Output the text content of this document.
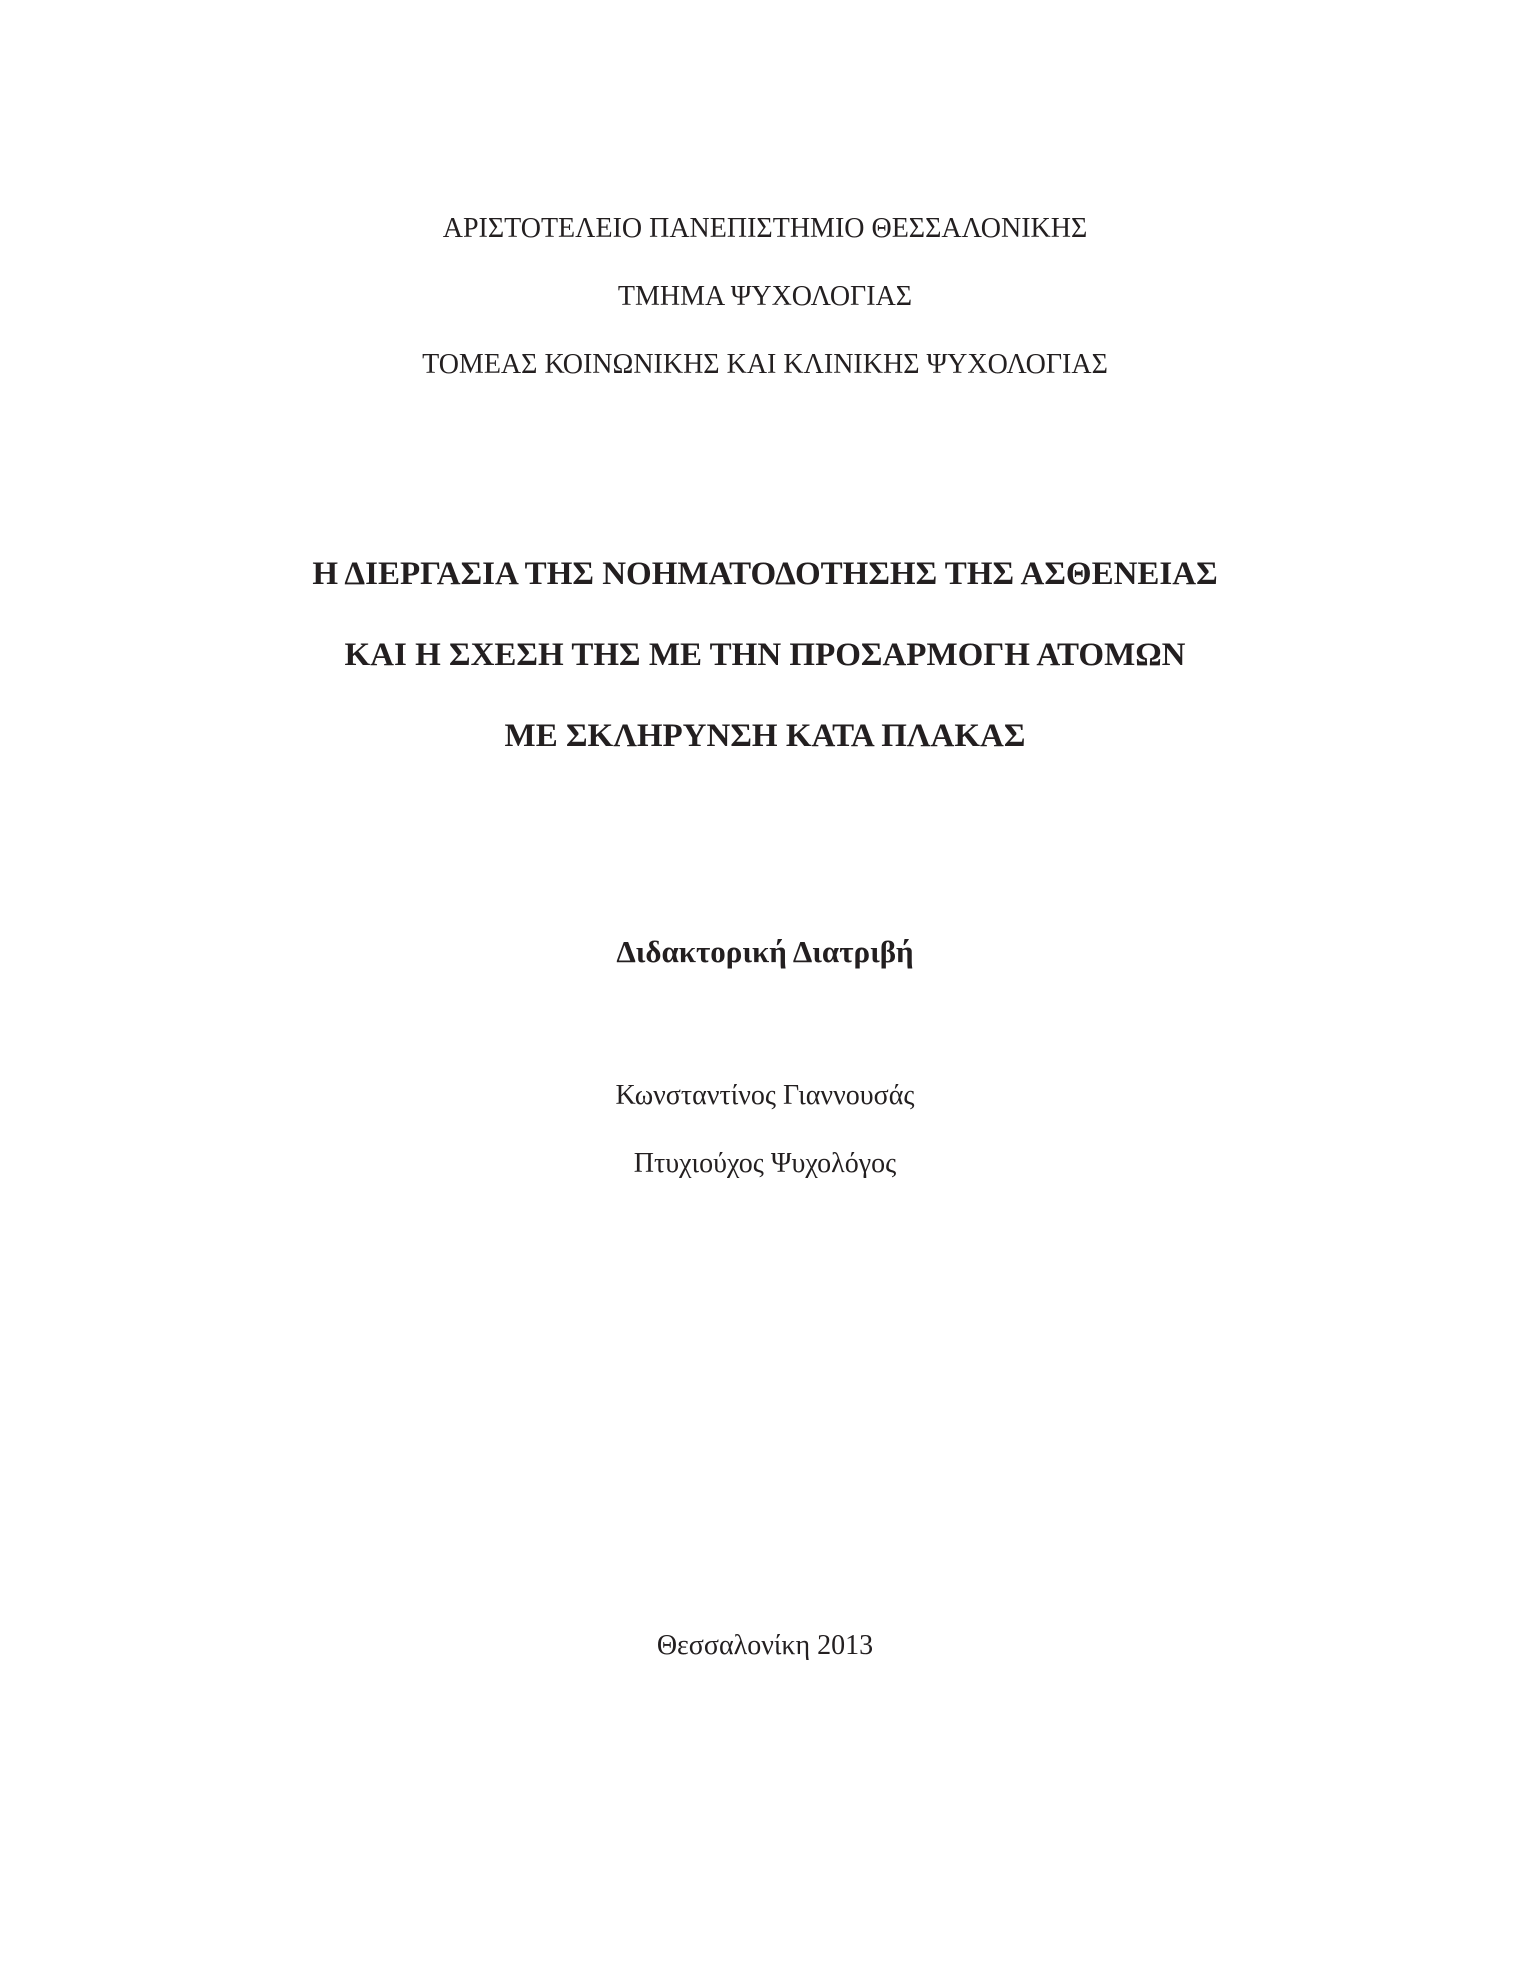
ΑΡΙΣΤΟΤΕΛΕΙΟ ΠΑΝΕΠΙΣΤΗΜΙΟ ΘΕΣΣΑΛΟΝΙΚΗΣ
ΤΜΗΜΑ ΨΥΧΟΛΟΓΙΑΣ
ΤΟΜΕΑΣ ΚΟΙΝΩΝΙΚΗΣ ΚΑΙ ΚΛΙΝΙΚΗΣ ΨΥΧΟΛΟΓΙΑΣ
Η ΔΙΕΡΓΑΣΙΑ ΤΗΣ ΝΟΗΜΑΤΟΔΟΤΗΣΗΣ ΤΗΣ ΑΣΘΕΝΕΙΑΣ
ΚΑΙ Η ΣΧΕΣΗ ΤΗΣ ΜΕ ΤΗΝ ΠΡΟΣΑΡΜΟΓΗ ΑΤΟΜΩΝ
ΜΕ ΣΚΛΗΡΥΝΣΗ ΚΑΤΑ ΠΛΑΚΑΣ
Διδακτορική Διατριβή
Κωνσταντίνος Γιαννουσάς
Πτυχιούχος Ψυχολόγος
Θεσσαλονίκη 2013
